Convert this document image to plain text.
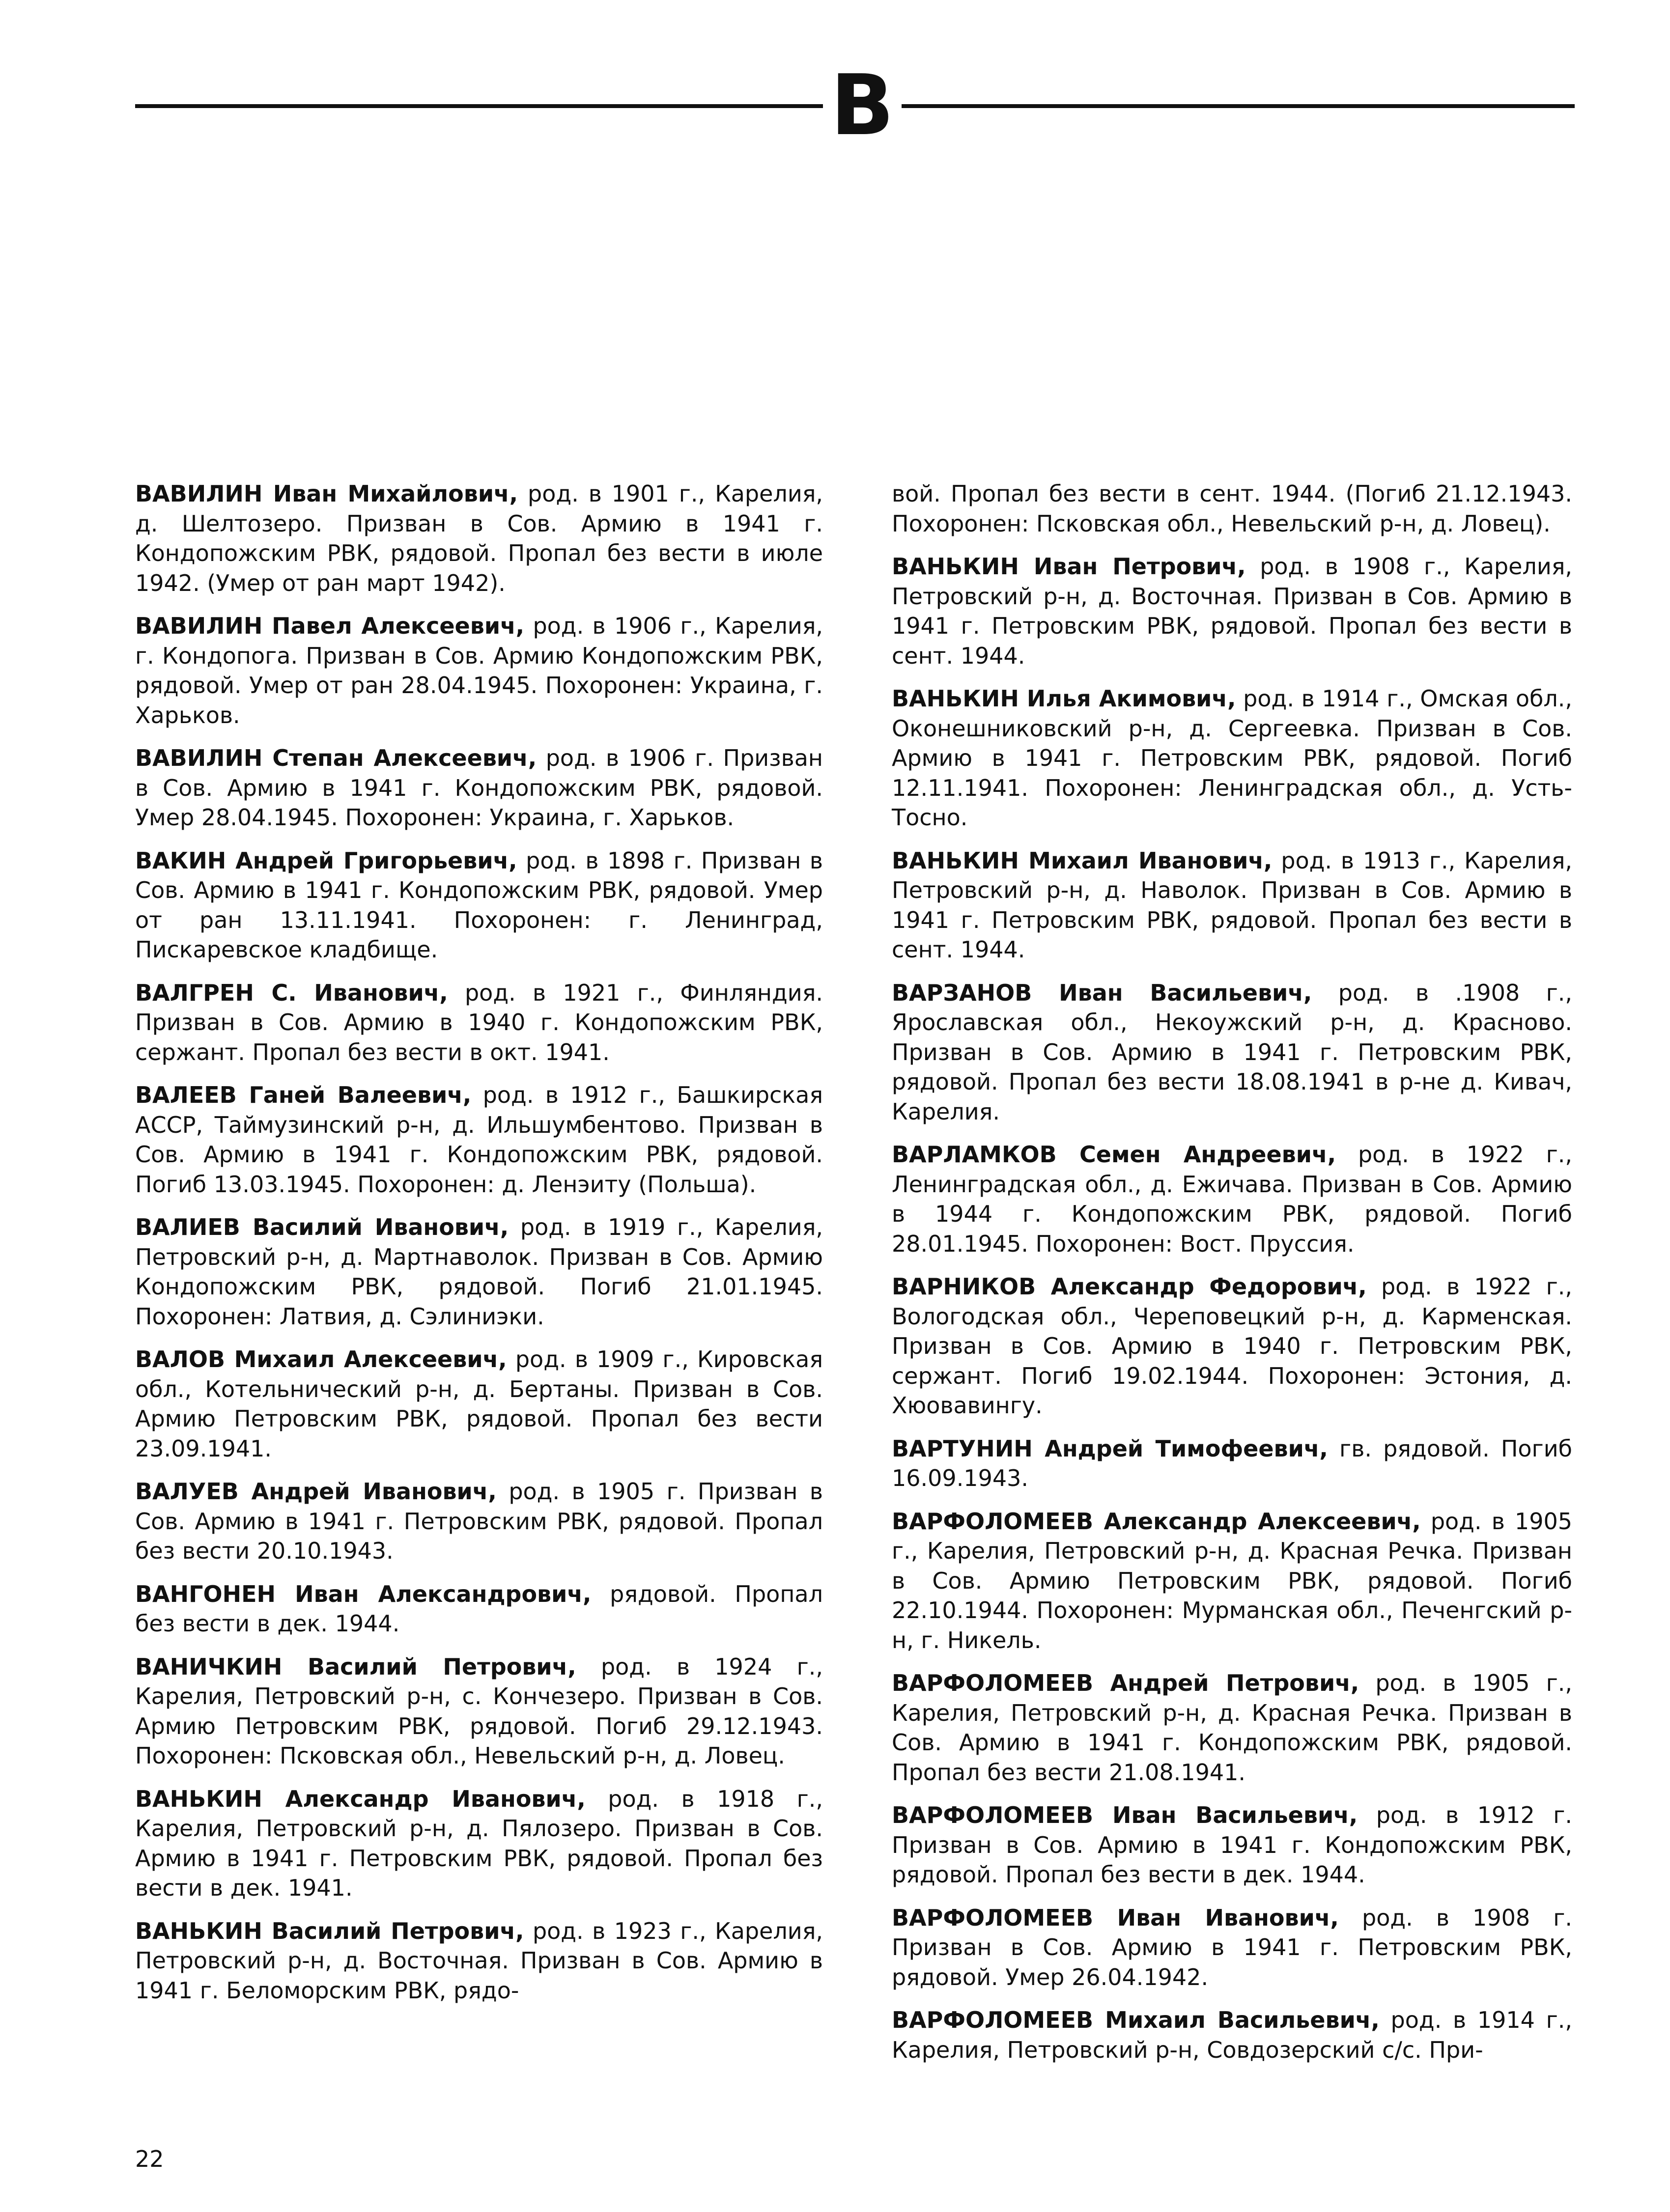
В

ВАВИЛИН Иван Михайлович, род. в 1901 г., Карелия, д. Шелтозеро. Призван в Сов. Армию в 1941 г. Кондопожским РВК, рядовой. Пропал без вести в июле 1942. (Умер от ран март 1942).

ВАВИЛИН Павел Алексеевич, род. в 1906 г., Карелия, г. Кондопога. Призван в Сов. Армию Кондопожским РВК, рядовой. Умер от ран 28.04.1945. Похоронен: Украина, г. Харьков.

ВАВИЛИН Степан Алексеевич, род. в 1906 г. Призван в Сов. Армию в 1941 г. Кондопожским РВК, рядовой. Умер 28.04.1945. Похоронен: Украина, г. Харьков.

ВАКИН Андрей Григорьевич, род. в 1898 г. Призван в Сов. Армию в 1941 г. Кондопожским РВК, рядовой. Умер от ран 13.11.1941. Похоронен: г. Ленинград, Пискаревское кладбище.

ВАЛГРЕН С. Иванович, род. в 1921 г., Финляндия. Призван в Сов. Армию в 1940 г. Кондопожским РВК, сержант. Пропал без вести в окт. 1941.

ВАЛЕЕВ Ганей Валеевич, род. в 1912 г., Башкирская АССР, Таймузинский р-н, д. Ильшумбентово. Призван в Сов. Армию в 1941 г. Кондопожским РВК, рядовой. Погиб 13.03.1945. Похоронен: д. Ленэиту (Польша).

ВАЛИЕВ Василий Иванович, род. в 1919 г., Карелия, Петровский р-н, д. Мартнаволок. Призван в Сов. Армию Кондопожским РВК, рядовой. Погиб 21.01.1945. Похоронен: Латвия, д. Сэлиниэки.

ВАЛОВ Михаил Алексеевич, род. в 1909 г., Кировская обл., Котельнический р-н, д. Бертаны. Призван в Сов. Армию Петровским РВК, рядовой. Пропал без вести 23.09.1941.

ВАЛУЕВ Андрей Иванович, род. в 1905 г. Призван в Сов. Армию в 1941 г. Петровским РВК, рядовой. Пропал без вести 20.10.1943.

ВАНГОНЕН Иван Александрович, рядовой. Пропал без вести в дек. 1944.

ВАНИЧКИН Василий Петрович, род. в 1924 г., Карелия, Петровский р-н, с. Кончезеро. Призван в Сов. Армию Петровским РВК, рядовой. Погиб 29.12.1943. Похоронен: Псковская обл., Невельский р-н, д. Ловец.

ВАНЬКИН Александр Иванович, род. в 1918 г., Карелия, Петровский р-н, д. Пялозеро. Призван в Сов. Армию в 1941 г. Петровским РВК, рядовой. Пропал без вести в дек. 1941.

ВАНЬКИН Василий Петрович, род. в 1923 г., Карелия, Петровский р-н, д. Восточная. Призван в Сов. Армию в 1941 г. Беломорским РВК, рядо-

вой. Пропал без вести в сент. 1944. (Погиб 21.12.1943. Похоронен: Псковская обл., Невельский р-н, д. Ловец).

ВАНЬКИН Иван Петрович, род. в 1908 г., Карелия, Петровский р-н, д. Восточная. Призван в Сов. Армию в 1941 г. Петровским РВК, рядовой. Пропал без вести в сент. 1944.

ВАНЬКИН Илья Акимович, род. в 1914 г., Омская обл., Оконешниковский р-н, д. Сергеевка. Призван в Сов. Армию в 1941 г. Петровским РВК, рядовой. Погиб 12.11.1941. Похоронен: Ленинградская обл., д. Усть-Тосно.

ВАНЬКИН Михаил Иванович, род. в 1913 г., Карелия, Петровский р-н, д. Наволок. Призван в Сов. Армию в 1941 г. Петровским РВК, рядовой. Пропал без вести в сент. 1944.

ВАРЗАНОВ Иван Васильевич, род. в .1908 г., Ярославская обл., Некоужский р-н, д. Красново. Призван в Сов. Армию в 1941 г. Петровским РВК, рядовой. Пропал без вести 18.08.1941 в р-не д. Кивач, Карелия.

ВАРЛАМКОВ Семен Андреевич, род. в 1922 г., Ленинградская обл., д. Ежичава. Призван в Сов. Армию в 1944 г. Кондопожским РВК, рядовой. Погиб 28.01.1945. Похоронен: Вост. Пруссия.

ВАРНИКОВ Александр Федорович, род. в 1922 г., Вологодская обл., Череповецкий р-н, д. Карменская. Призван в Сов. Армию в 1940 г. Петровским РВК, сержант. Погиб 19.02.1944. Похоронен: Эстония, д. Хюовавингу.

ВАРТУНИН Андрей Тимофеевич, гв. рядовой. Погиб 16.09.1943.

ВАРФОЛОМЕЕВ Александр Алексеевич, род. в 1905 г., Карелия, Петровский р-н, д. Красная Речка. Призван в Сов. Армию Петровским РВК, рядовой. Погиб 22.10.1944. Похоронен: Мурманская обл., Печенгский р-н, г. Никель.

ВАРФОЛОМЕЕВ Андрей Петрович, род. в 1905 г., Карелия, Петровский р-н, д. Красная Речка. Призван в Сов. Армию в 1941 г. Кондопожским РВК, рядовой. Пропал без вести 21.08.1941.

ВАРФОЛОМЕЕВ Иван Васильевич, род. в 1912 г. Призван в Сов. Армию в 1941 г. Кондопожским РВК, рядовой. Пропал без вести в дек. 1944.

ВАРФОЛОМЕЕВ Иван Иванович, род. в 1908 г. Призван в Сов. Армию в 1941 г. Петровским РВК, рядовой. Умер 26.04.1942.

ВАРФОЛОМЕЕВ Михаил Васильевич, род. в 1914 г., Карелия, Петровский р-н, Совдозерский с/с. При-

22
